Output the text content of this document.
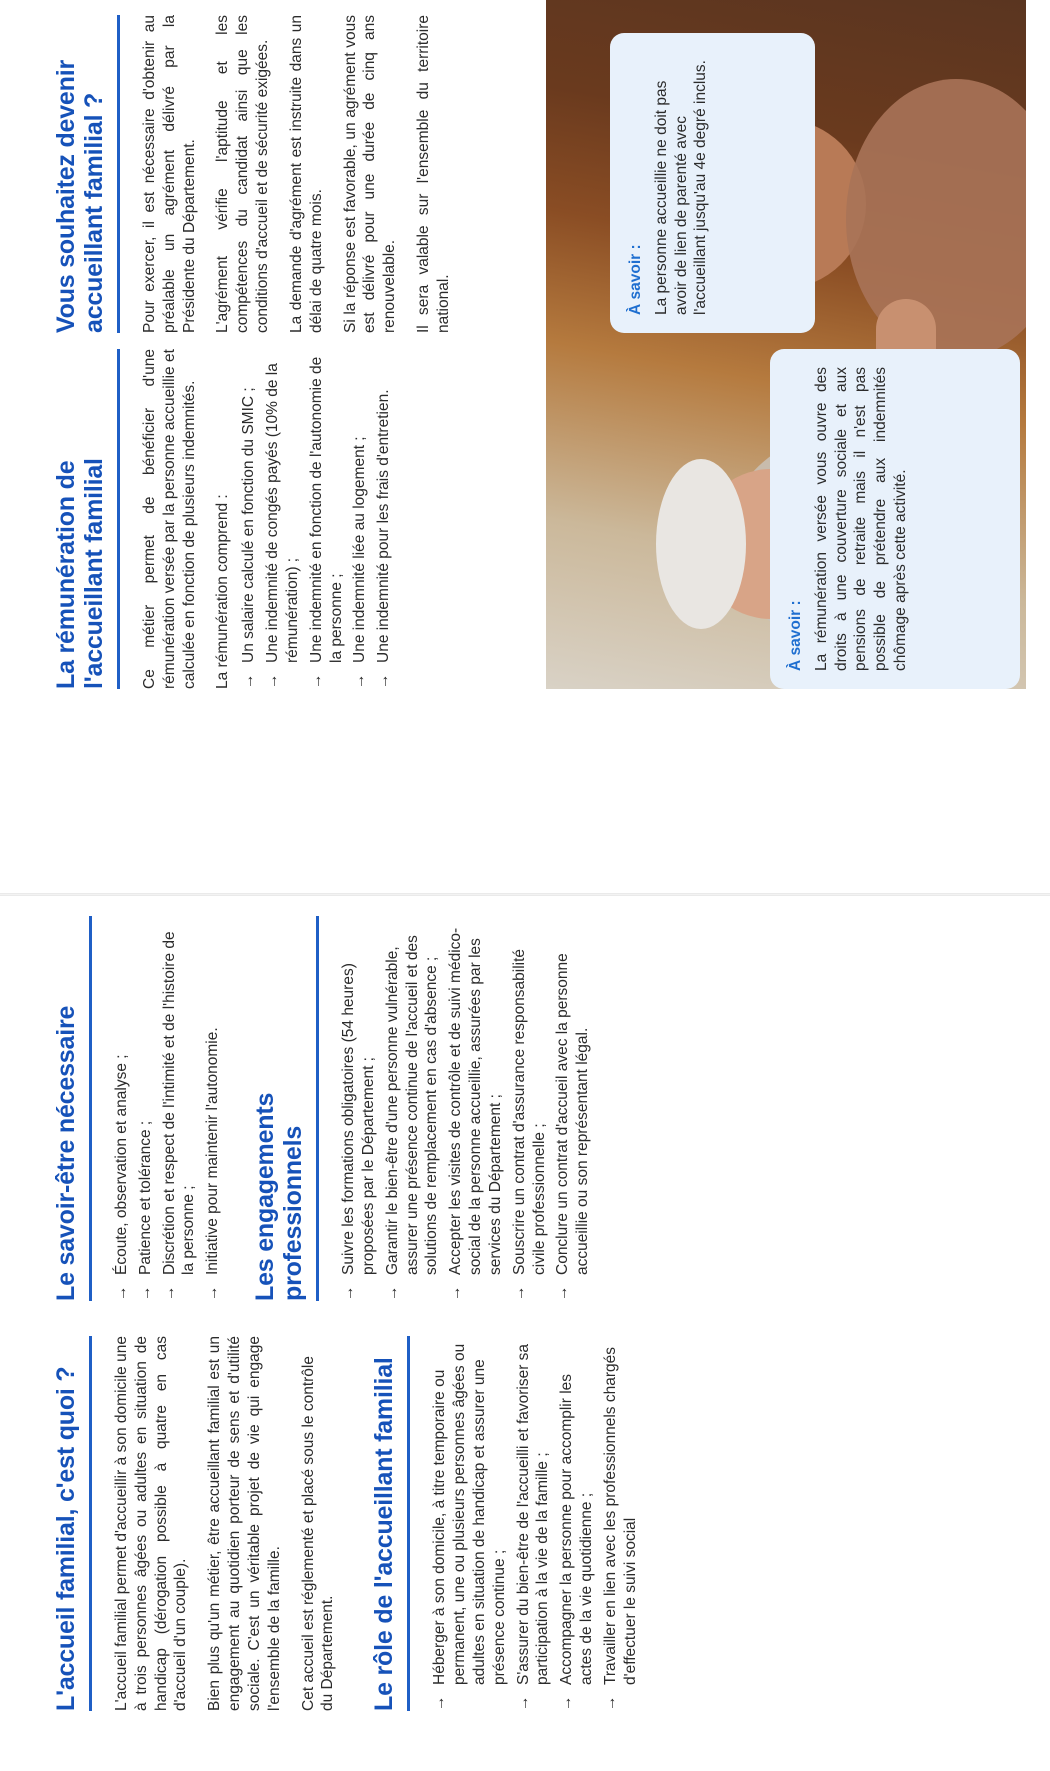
L'accueil familial, c'est quoi ?	L'accueil familial permet d'accueillir à son domicile une à trois personnes âgées ou adultes en situation de handicap (dérogation possible à quatre en cas d'accueil d'un couple). Bien plus qu'un métier, être accueillant familial est un engagement au quotidien porteur de sens et d'utilité sociale. C'est un véritable projet de vie qui engage l'ensemble de la famille. Cet accueil est réglementé et placé sous le contrôle du Département. Le rôle de l'accueillant familial	→
Héberger à son domicile, à titre temporaire ou permanent, une ou plusieurs personnes âgées ou adultes en situation de handicap et assurer une présence continue ;
→
S'assurer du bien-être de l'accueilli et favoriser sa participation à la vie de la famille ;
→
Accompagner la personne pour accomplir les actes de la vie quotidienne ;
→
Travailler en lien avec les professionnels chargés d'effectuer le suivi social
Le savoir-être nécessaire	→
Écoute, observation et analyse ;
→
Patience et tolérance ;
→
Discrétion et respect de l'intimité et de l'histoire de la personne ;
→
Initiative pour maintenir l'autonomie. Les engagements professionnels	→
Suivre les formations obligatoires (54 heures) proposées par le Département ;
→
Garantir le bien-être d'une personne vulnérable, assurer une présence continue de l'accueil et des solutions de remplacement en cas d'absence ;
→
Accepter les visites de contrôle et de suivi médico-social de la personne accueillie, assurées par les services du Département ;
→
Souscrire un contrat d'assurance responsabilité civile professionnelle ;
→
Conclure un contrat d'accueil avec la personne accueillie ou son représentant légal.
La rémunération de l'accueillant familial	Ce métier permet de bénéficier d'une rémunération versée par la personne accueillie et calculée en fonction de plusieurs indemnités. La rémunération comprend : →
Un salaire calculé en fonction du SMIC ;
→
Une indemnité de congés payés (10% de la rémunération) ;
→
Une indemnité en fonction de l'autonomie de la personne ;
→
Une indemnité liée au logement ;
→
Une indemnité pour les frais d'entretien.
Vous souhaitez devenir accueillant familial ?	Pour exercer, il est nécessaire d'obtenir au préalable un agrément délivré par la Présidente du Département. L'agrément vérifie l'aptitude et les compétences du candidat ainsi que les conditions d'accueil et de sécurité exigées. La demande d'agrément est instruite dans un délai de quatre mois. Si la réponse est favorable, un agrément vous est délivré pour une durée de cinq ans renouvelable. Il sera valable sur l'ensemble du territoire national.

À savoir : La rémunération versée vous ouvre des droits à une couverture sociale et aux pensions de retraite mais il n'est pas possible de prétendre aux indemnités chômage après cette activité.
À savoir : La personne accueillie ne doit pas avoir de lien de parenté avec l'accueillant jusqu'au 4e degré inclus.
